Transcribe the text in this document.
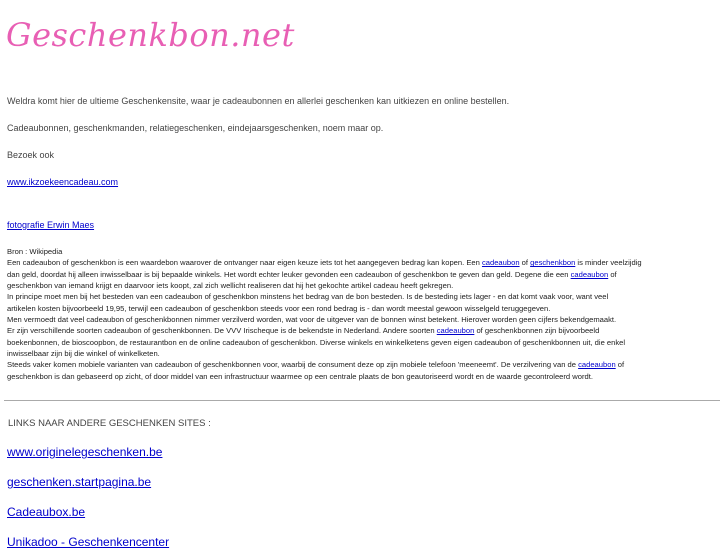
Geschenkbon.net
Weldra komt hier de ultieme Geschenkensite, waar je cadeaubonnen en allerlei geschenken kan uitkiezen en online bestellen.
Cadeaubonnen, geschenkmanden, relatiegeschenken, eindejaarsgeschenken, noem maar op.
Bezoek ook
www.ikzoekeencadeau.com
fotografie Erwin Maes
Bron : Wikipedia
Een cadeaubon of geschenkbon is een waardebon waarover de ontvanger naar eigen keuze iets tot het aangegeven bedrag kan kopen. Een cadeaubon of geschenkbon is minder veelzijdig
dan geld, doordat hij alleen inwisselbaar is bij bepaalde winkels. Het wordt echter leuker gevonden een cadeaubon of geschenkbon te geven dan geld. Degene die een cadeaubon of
geschenkbon van iemand krijgt en daarvoor iets koopt, zal zich wellicht realiseren dat hij het gekochte artikel cadeau heeft gekregen.
In principe moet men bij het besteden van een cadeaubon of geschenkbon minstens het bedrag van de bon besteden. Is de besteding iets lager - en dat komt vaak voor, want veel
artikelen kosten bijvoorbeeld 19,95, terwijl een cadeaubon of geschenkbon steeds voor een rond bedrag is - dan wordt meestal gewoon wisselgeld teruggegeven.
Men vermoedt dat veel cadeaubon of geschenkbonnen nimmer verzilverd worden, wat voor de uitgever van de bonnen winst betekent. Hierover worden geen cijfers bekendgemaakt.
Er zijn verschillende soorten cadeaubon of geschenkbonnen. De VVV Irischeque is de bekendste in Nederland. Andere soorten cadeaubon of geschenkbonnen zijn bijvoorbeeld
boekenbonnen, de bioscoopbon, de restaurantbon en de online cadeaubon of geschenkbon. Diverse winkels en winkelketens geven eigen cadeaubon of geschenkbonnen uit, die enkel
inwisselbaar zijn bij die winkel of winkelketen.
Steeds vaker komen mobiele varianten van cadeaubon of geschenkbonnen voor, waarbij de consument deze op zijn mobiele telefoon 'meeneemt'. De verzilvering van de cadeaubon of
geschenkbon is dan gebaseerd op zicht, of door middel van een infrastructuur waarmee op een centrale plaats de bon geautoriseerd wordt en de waarde gecontroleerd wordt.
LINKS NAAR ANDERE GESCHENKEN SITES :
www.originelegeschenken.be
geschenken.startpagina.be
Cadeaubox.be
Unikadoo - Geschenkencenter
